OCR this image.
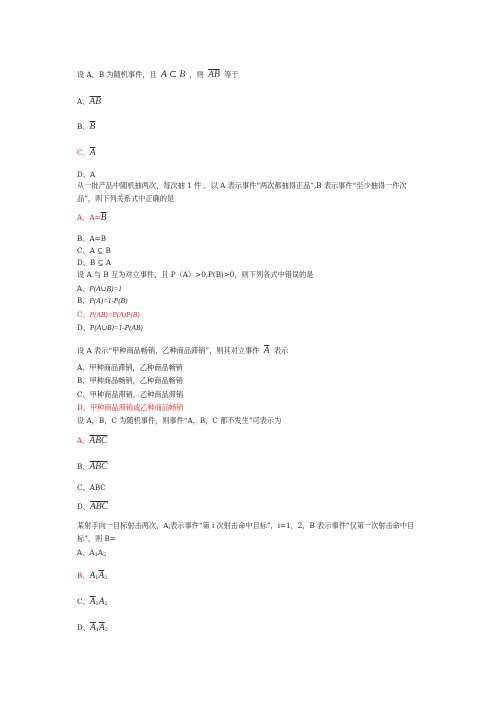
设 A，B 为随机事件，且 A ⊂ B ，则 $\overline{AB}$ 等于
A、$\overline{AB}$
B、$\overline{B}$
C、$\overline{A}$
D、A
从一批产品中随机抽两次，每次抽 1 件 。以 A 表示事件“两次都抽得正品”,B 表示事件“至少抽得一件次
品”，则下列关系式中正确的是
A、$A=\overline{B}$
B、A=B
C、A ⊆ B
D、B ⊆ A
设 A 与 B 互为对立事件，且 P（A）>0,P(B)>0，则下列各式中错误的是
A、P(A∪B)=1
B、P(A)=1-P(B)
C、P(AB)=P(A)P(B)
D、P(A∪B)=1-P(AB)
设 A 表示“甲种商品畅销，乙种商品滞销”，则其对立事件 $\overline{A}$ 表示
A、甲种商品滞销，乙种商品畅销
B、甲种商品畅销，乙种商品畅销
C、甲种商品滞销，乙种商品滞销
D、甲种商品滞销或乙种商品畅销
设 A，B，C 为随机事件，则事件“A，B，C 都不发生”可表示为
A、$\overline{ABC}$
B、$\overline{ABC}$
C、ABC
D、$\overline{ABC}$
某射手向一目标射击两次，$A_i$表示事件“第 i 次射击命中目标”，i=1，2，B 表示事件“仅第一次射击命中目
标”，则 B=
A、$A_1A_2$
B、$A_1\overline{A}_2$
C、$\overline{A}_1A_2$
D、$\overline{A}_1\overline{A}_2$
